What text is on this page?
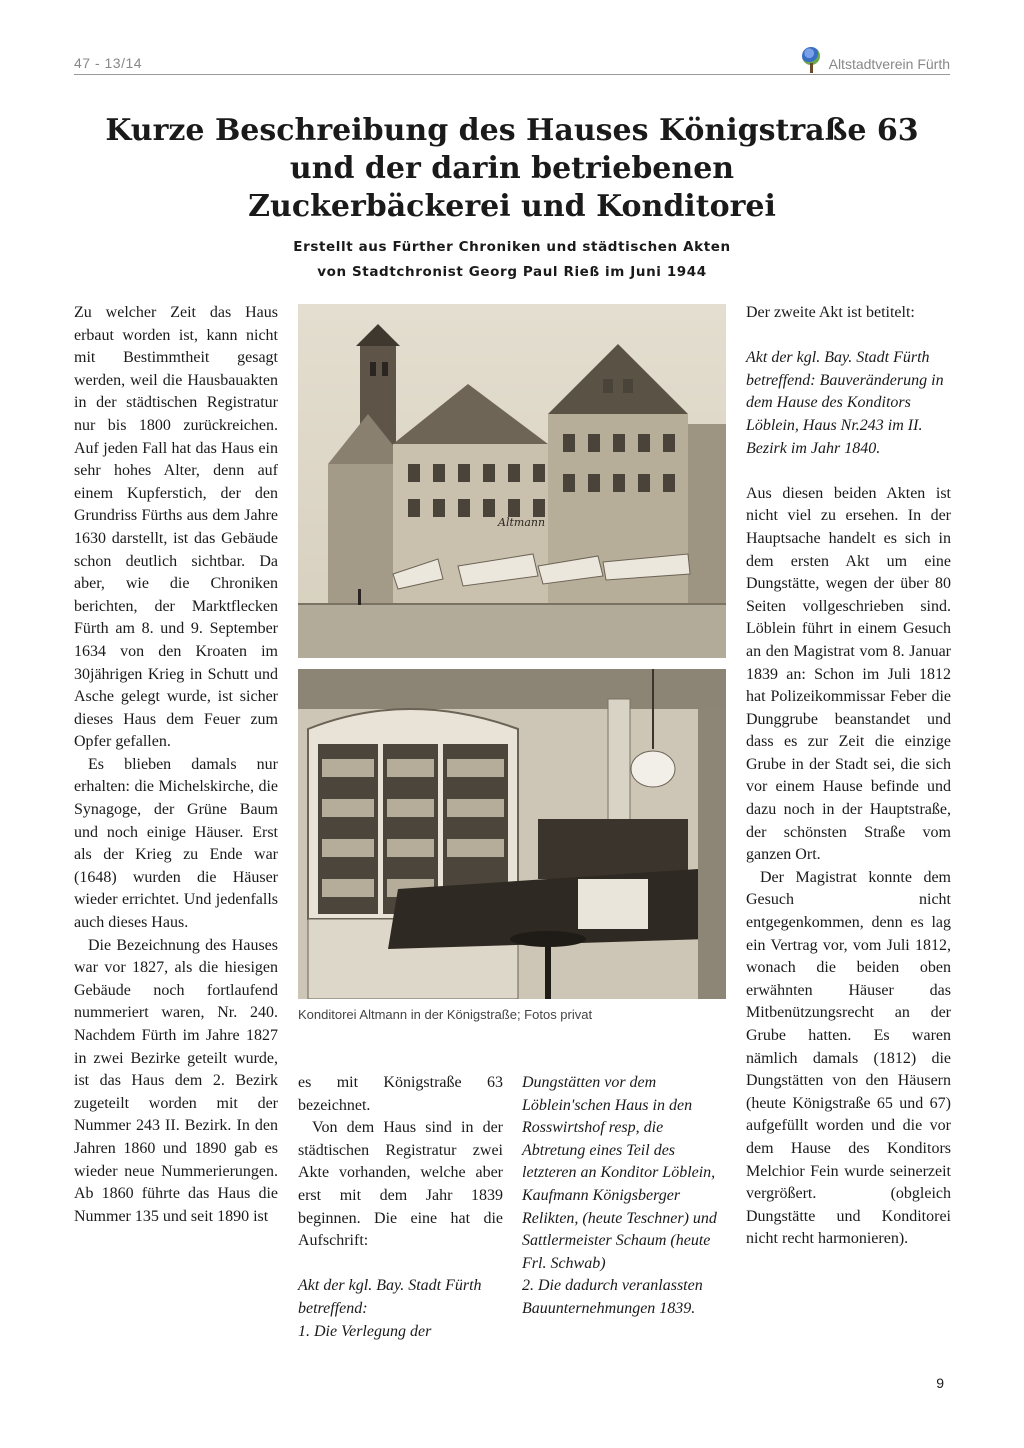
47 - 13/14	Altstadtverein Fürth
Kurze Beschreibung des Hauses Königstraße 63
und der darin betriebenen
Zuckerbäckerei und Konditorei
Erstellt aus Fürther Chroniken und städtischen Akten
von Stadtchronist Georg Paul Rieß im Juni 1944

Zu welcher Zeit das Haus erbaut worden ist, kann nicht mit Bestimmtheit gesagt werden, weil die Hausbauakten in der städtischen Registratur nur bis 1800 zurückreichen. Auf jeden Fall hat das Haus ein sehr hohes Alter, denn auf einem Kupferstich, der den Grundriss Fürths aus dem Jahre 1630 darstellt, ist das Gebäude schon deutlich sichtbar. Da aber, wie die Chroniken berichten, der Marktflecken Fürth am 8. und 9. September 1634 von den Kroaten im 30jährigen Krieg in Schutt und Asche gelegt wurde, ist sicher dieses Haus dem Feuer zum Opfer gefallen.

Es blieben damals nur erhalten: die Michelskirche, die Synagoge, der Grüne Baum und noch einige Häuser. Erst als der Krieg zu Ende war (1648) wurden die Häuser wieder errichtet. Und jedenfalls auch dieses Haus.

Die Bezeichnung des Hauses war vor 1827, als die hiesigen Gebäude noch fortlaufend nummeriert waren, Nr. 240. Nachdem Fürth im Jahre 1827 in zwei Bezirke geteilt wurde, ist das Haus dem 2. Bezirk zugeteilt worden mit der Nummer 243 II. Bezirk. In den Jahren 1860 und 1890 gab es wieder neue Nummerierungen. Ab 1860 führte das Haus die Nummer 135 und seit 1890 ist

Altmann
Konditorei Altmann in der Königstraße; Fotos privat

es mit Königstraße 63 bezeichnet.

Von dem Haus sind in der städtischen Registratur zwei Akte vorhanden, welche aber erst mit dem Jahr 1839 beginnen. Die eine hat die Aufschrift:

Akt der kgl. Bay. Stadt Fürth betreffend:

1. Die Verlegung der

Dungstätten vor dem Löblein'schen Haus in den Rosswirtshof resp, die Abtretung eines Teil des letzteren an Konditor Löblein, Kaufmann Königsberger Relikten, (heute Teschner) und Sattlermeister Schaum (heute Frl. Schwab)

2. Die dadurch veranlassten Bauunternehmungen 1839.

Der zweite Akt ist betitelt:

Akt der kgl. Bay. Stadt Fürth betreffend: Bauveränderung in dem Hause des Konditors Löblein, Haus Nr.243 im II. Bezirk im Jahr 1840.

Aus diesen beiden Akten ist nicht viel zu ersehen. In der Hauptsache handelt es sich in dem ersten Akt um eine Dungstätte, wegen der über 80 Seiten vollgeschrieben sind. Löblein führt in einem Gesuch an den Magistrat vom 8. Januar 1839 an: Schon im Juli 1812 hat Polizeikommissar Feber die Dunggrube beanstandet und dass es zur Zeit die einzige Grube in der Stadt sei, die sich vor einem Hause befinde und dazu noch in der Hauptstraße, der schönsten Straße vom ganzen Ort.

Der Magistrat konnte dem Gesuch nicht entgegenkommen, denn es lag ein Vertrag vor, vom Juli 1812, wonach die beiden oben erwähnten Häuser das Mitbenützungsrecht an der Grube hatten. Es waren nämlich damals (1812) die Dungstätten von den Häusern (heute Königstraße 65 und 67) aufgefüllt worden und die vor dem Hause des Konditors Melchior Fein wurde seinerzeit vergrößert. (obgleich Dungstätte und Konditorei nicht recht harmonieren).

9
